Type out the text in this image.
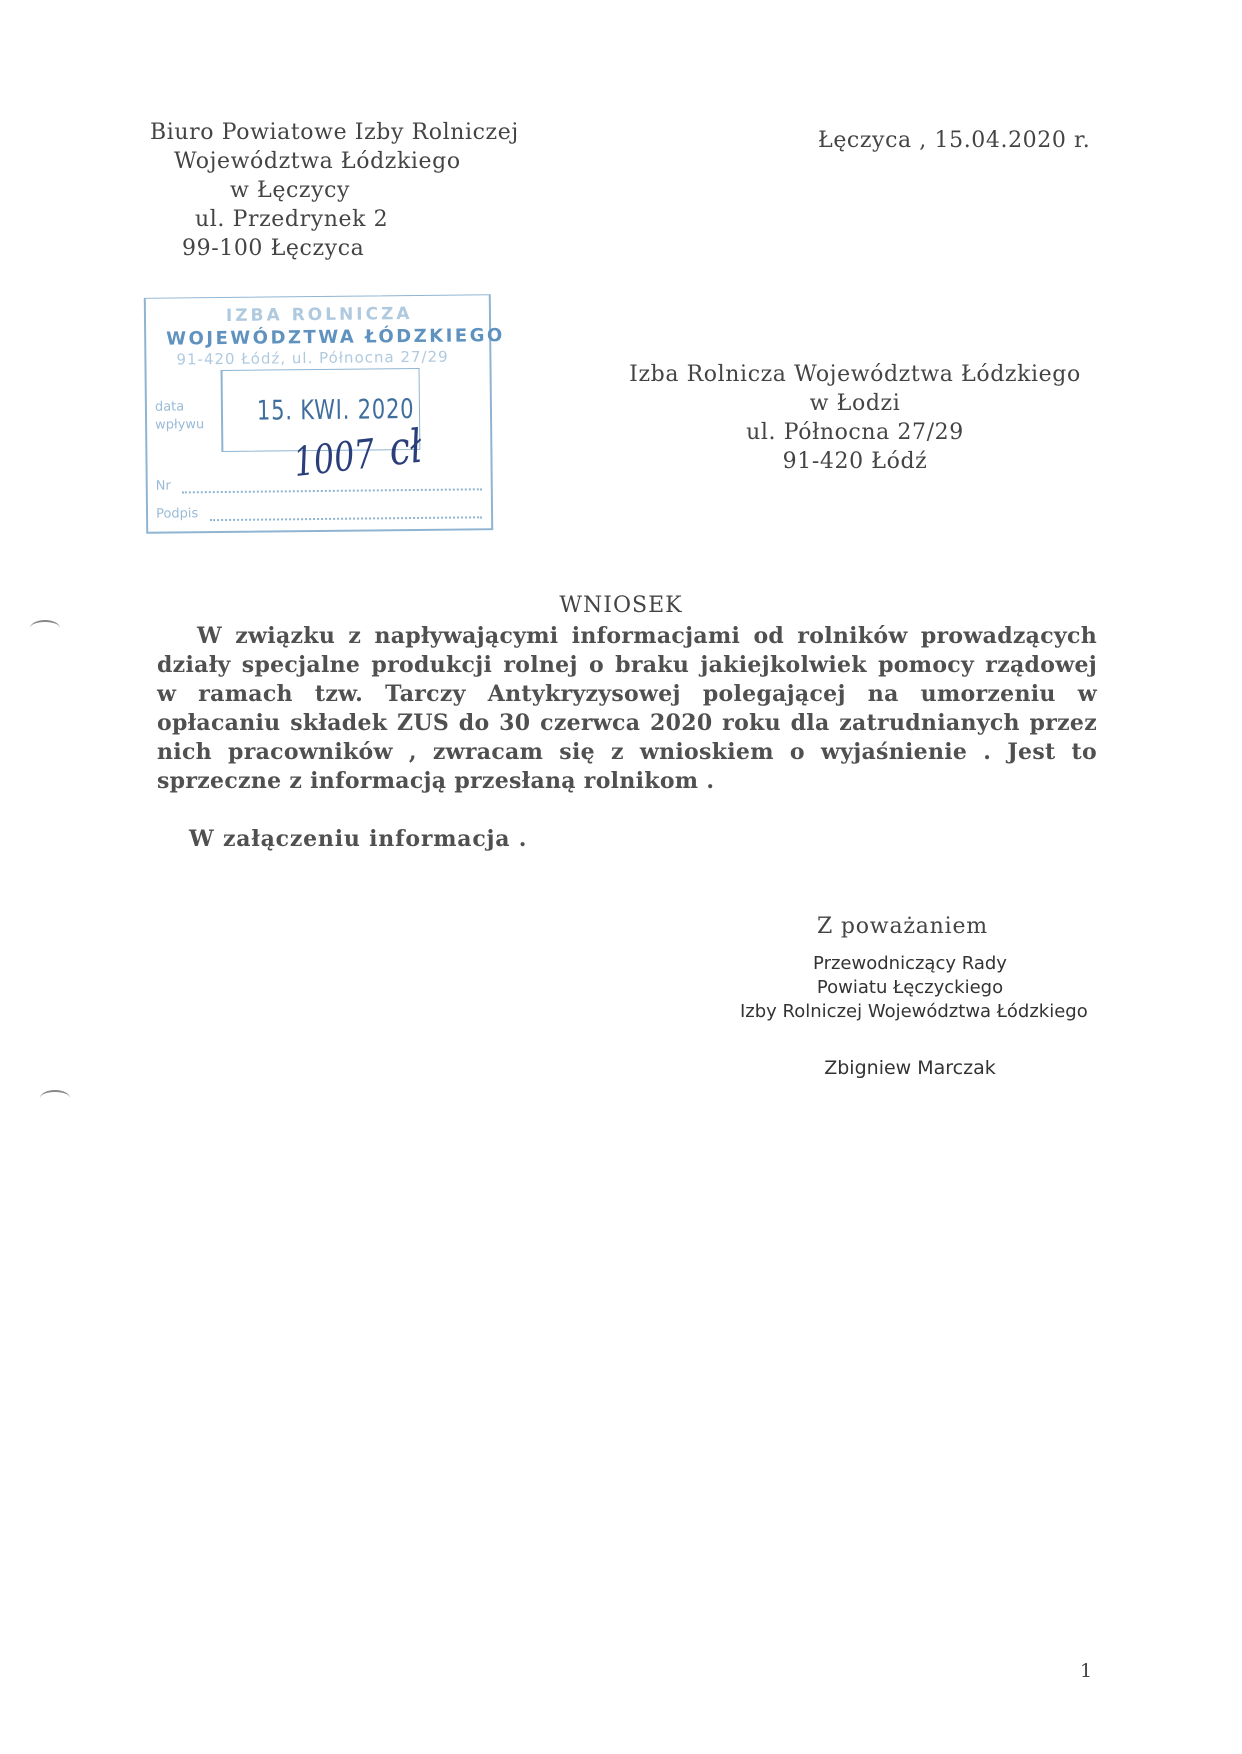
Biuro Powiatowe Izby Rolniczej
Województwa Łódzkiego
w Łęczycy
ul. Przedrynek 2
99-100 Łęczyca
Łęczyca , 15.04.2020 r.
IZBA ROLNICZA
WOJEWÓDZTWA ŁÓDZKIEGO
91-420 Łódź, ul. Północna 27/29
data wpływu	15. KWI. 2020
Nr
Podpis
1007 cł
Izba Rolnicza Województwa Łódzkiego
w Łodzi
ul. Północna 27/29
91-420 Łódź
WNIOSEK

W związku z napływającymi informacjami od rolników prowadzących działy specjalne produkcji rolnej o braku jakiejkolwiek pomocy rządowej w ramach tzw. Tarczy Antykryzysowej polegającej na umorzeniu w opłacaniu składek ZUS do 30 czerwca 2020 roku dla zatrudnianych przez nich pracowników , zwracam się z wnioskiem o wyjaśnienie . Jest to sprzeczne z informacją przesłaną rolnikom .

W załączeniu informacja .
Z poważaniem
Przewodniczący Rady
Powiatu Łęczyckiego
Izby Rolniczej Województwa Łódzkiego
Zbigniew Marczak
1
